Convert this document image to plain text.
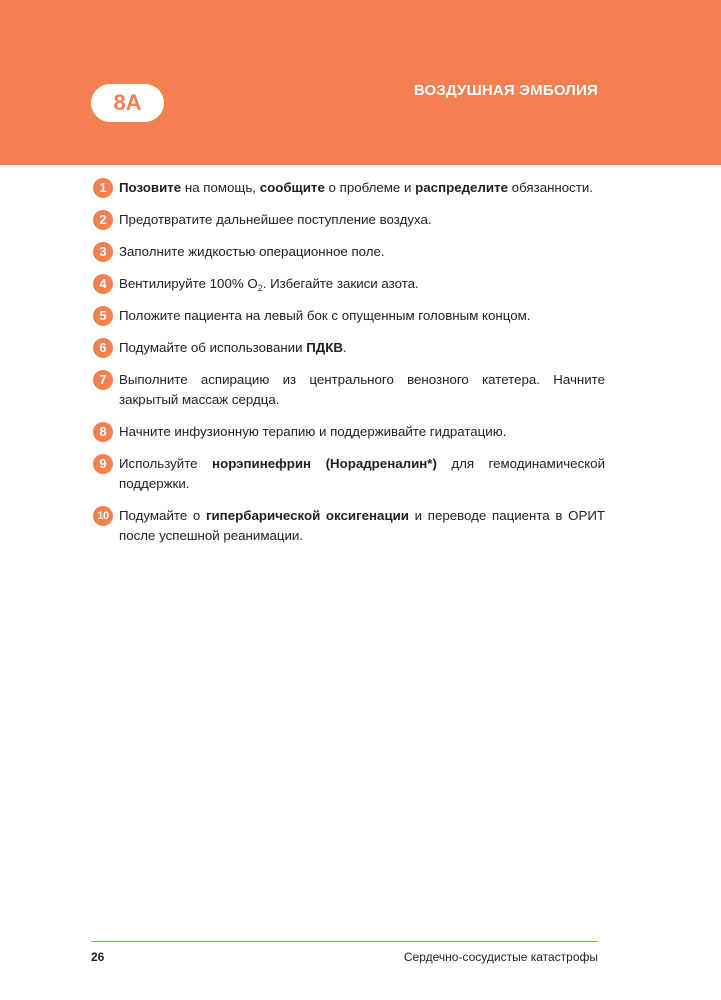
8А	ВОЗДУШНАЯ ЭМБОЛИЯ
1 Позовите на помощь, сообщите о проблеме и распределите обязанности.
2 Предотвратите дальнейшее поступление воздуха.
3 Заполните жидкостью операционное поле.
4 Вентилируйте 100% $O_2$. Избегайте закиси азота.
5 Положите пациента на левый бок с опущенным головным концом.
6 Подумайте об использовании ПДКВ.
7 Выполните аспирацию из центрального венозного катетера. Начните закрытый массаж сердца.
8 Начните инфузионную терапию и поддерживайте гидратацию.
9 Используйте норэпинефрин (Норадреналин*) для гемодинамической поддержки.
10 Подумайте о гипербарической оксигенации и переводе пациента в ОРИТ после успешной реанимации.
26	Сердечно-сосудистые катастрофы
